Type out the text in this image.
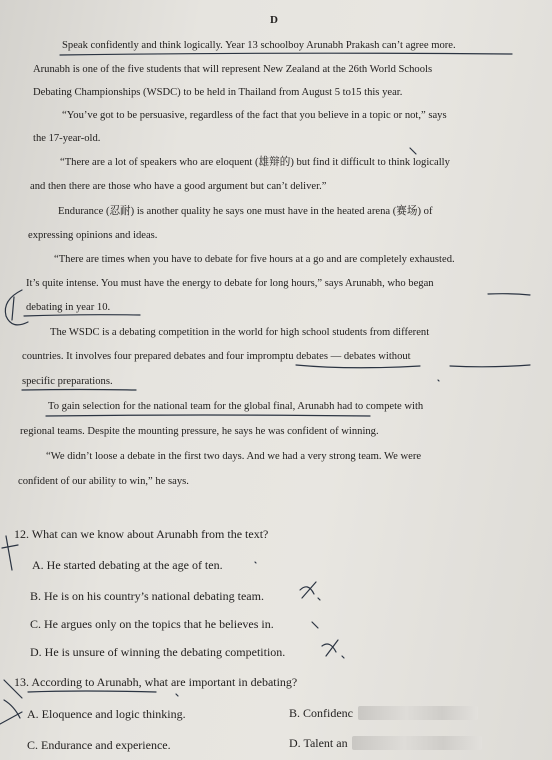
D
Speak confidently and think logically. Year 13 schoolboy Arunabh Prakash can’t agree more.
Arunabh is one of the five students that will represent New Zealand at the 26th World Schools
Debating Championships (WSDC) to be held in Thailand from August 5 to15 this year.
“You’ve got to be persuasive, regardless of the fact that you believe in a topic or not,” says
the 17-year-old.
“There are a lot of speakers who are eloquent (雄辩的) but find it difficult to think logically
and then there are those who have a good argument but can’t deliver.”
Endurance (忍耐) is another quality he says one must have in the heated arena (赛场) of
expressing opinions and ideas.
“There are times when you have to debate for five hours at a go and are completely exhausted.
It’s quite intense. You must have the energy to debate for long hours,” says Arunabh, who began
debating in year 10.
The WSDC is a debating competition in the world for high school students from different
countries. It involves four prepared debates and four impromptu debates — debates without
specific preparations.
To gain selection for the national team for the global final, Arunabh had to compete with
regional teams. Despite the mounting pressure, he says he was confident of winning.
“We didn’t loose a debate in the first two days. And we had a very strong team. We were
confident of our ability to win,” he says.
12. What can we know about Arunabh from the text?
A. He started debating at the age of ten.
B. He is on his country’s national debating team.
C. He argues only on the topics that he believes in.
D. He is unsure of winning the debating competition.
13. According to Arunabh, what are important in debating?
A. Eloquence and logic thinking.	B. Confidenc
C. Endurance and experience.	D. Talent an
